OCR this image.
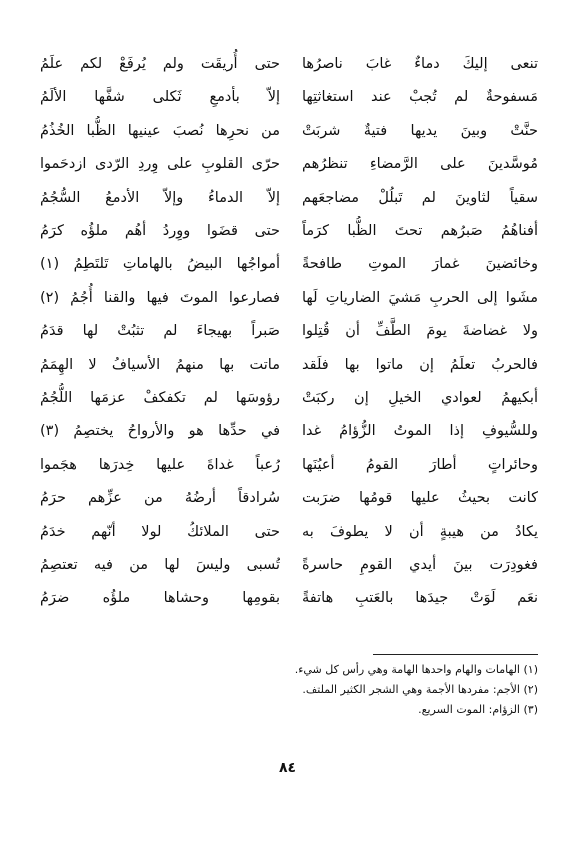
تنعى إليكَ دماءٌ غابَ ناصرُها
حتى أُريقَت ولم يُرفَعْ لكم علَمُ
مَسفوحةٌ لم تُجبْ عند استغاثتِها
إلاّ بأدمعِ ثَكلى شفَّها الألَمُ
حنَّتْ وبينَ يديها فتيةٌ شربَتْ
من نحرِها نُصبَ عينيها الظُّبا الخُذُمُ
مُوسَّدينَ على الرَّمضاءِ تنظرُهم
حرّى القلوبِ على وِردِ الرّدى ازدحَموا
سقياً لثاوينَ لم تَبلُلْ مضاجعَهم
إلاّ الدماءُ وإلاّ الأدمعُ السُّجُمُ
أفناهُمُ صَبرُهم تحتَ الظُّبا كرَماً
حتى قضَوا ووِردُ أهُم ملؤُه كرَمُ
وخائضينَ غمارَ الموتِ طافحةً
أمواجُها البيضُ بالهاماتِ تَلتَطِمُ (١)
مشَوا إلى الحربِ مَشيَ الضارياتِ لَها
فصارعوا الموتَ فيها والقنا أُجُمُ (٢)
ولا غضاضةَ يومَ الطَّفِّ أن قُتِلوا
صَبراً بهيجاءَ لم تثبُتْ لها قدَمُ
فالحربُ تعلَمُ إن ماتوا بها فلَقد
ماتت بها منهمُ الأسيافُ لا الهِمَمُ
أبكيهمُ لعوادي الخيلِ إن ركبَتْ
رؤوسَها لم تكفكفْ عزمَها اللُّجُمُ
وللسُّيوفِ إذا الموتُ الزُّؤامُ غدا
في حدِّها هو والأرواحُ يختصِمُ (٣)
وحائراتٍ أطارَ القومُ أعيُنَها
رُعباً غداةَ عليها خِدرَها هجَموا
كانت بحيثُ عليها قومُها ضرَبت
سُرادقاً أرضُهُ من عزِّهم حرَمُ
يكادُ من هيبةٍ أن لا يطوفَ به
حتى الملائكُ لولا أنّهم خدَمُ
فغودِرَت بينَ أيدي القومِ حاسرةً
تُسبى وليسَ لها من فيه تعتصِمُ
نعَم لَوَتْ جيدَها بالعَتبِ هاتفةً
بقومِها وحشاها ملؤُه ضرَمُ
(١) الهامات والهام واحدها الهامة وهي رأس كل شيء.
(٢) الأجم: مفردها الأجمة وهي الشجر الكثير الملتف.
(٣) الزؤام: الموت السريع.
٨٤
